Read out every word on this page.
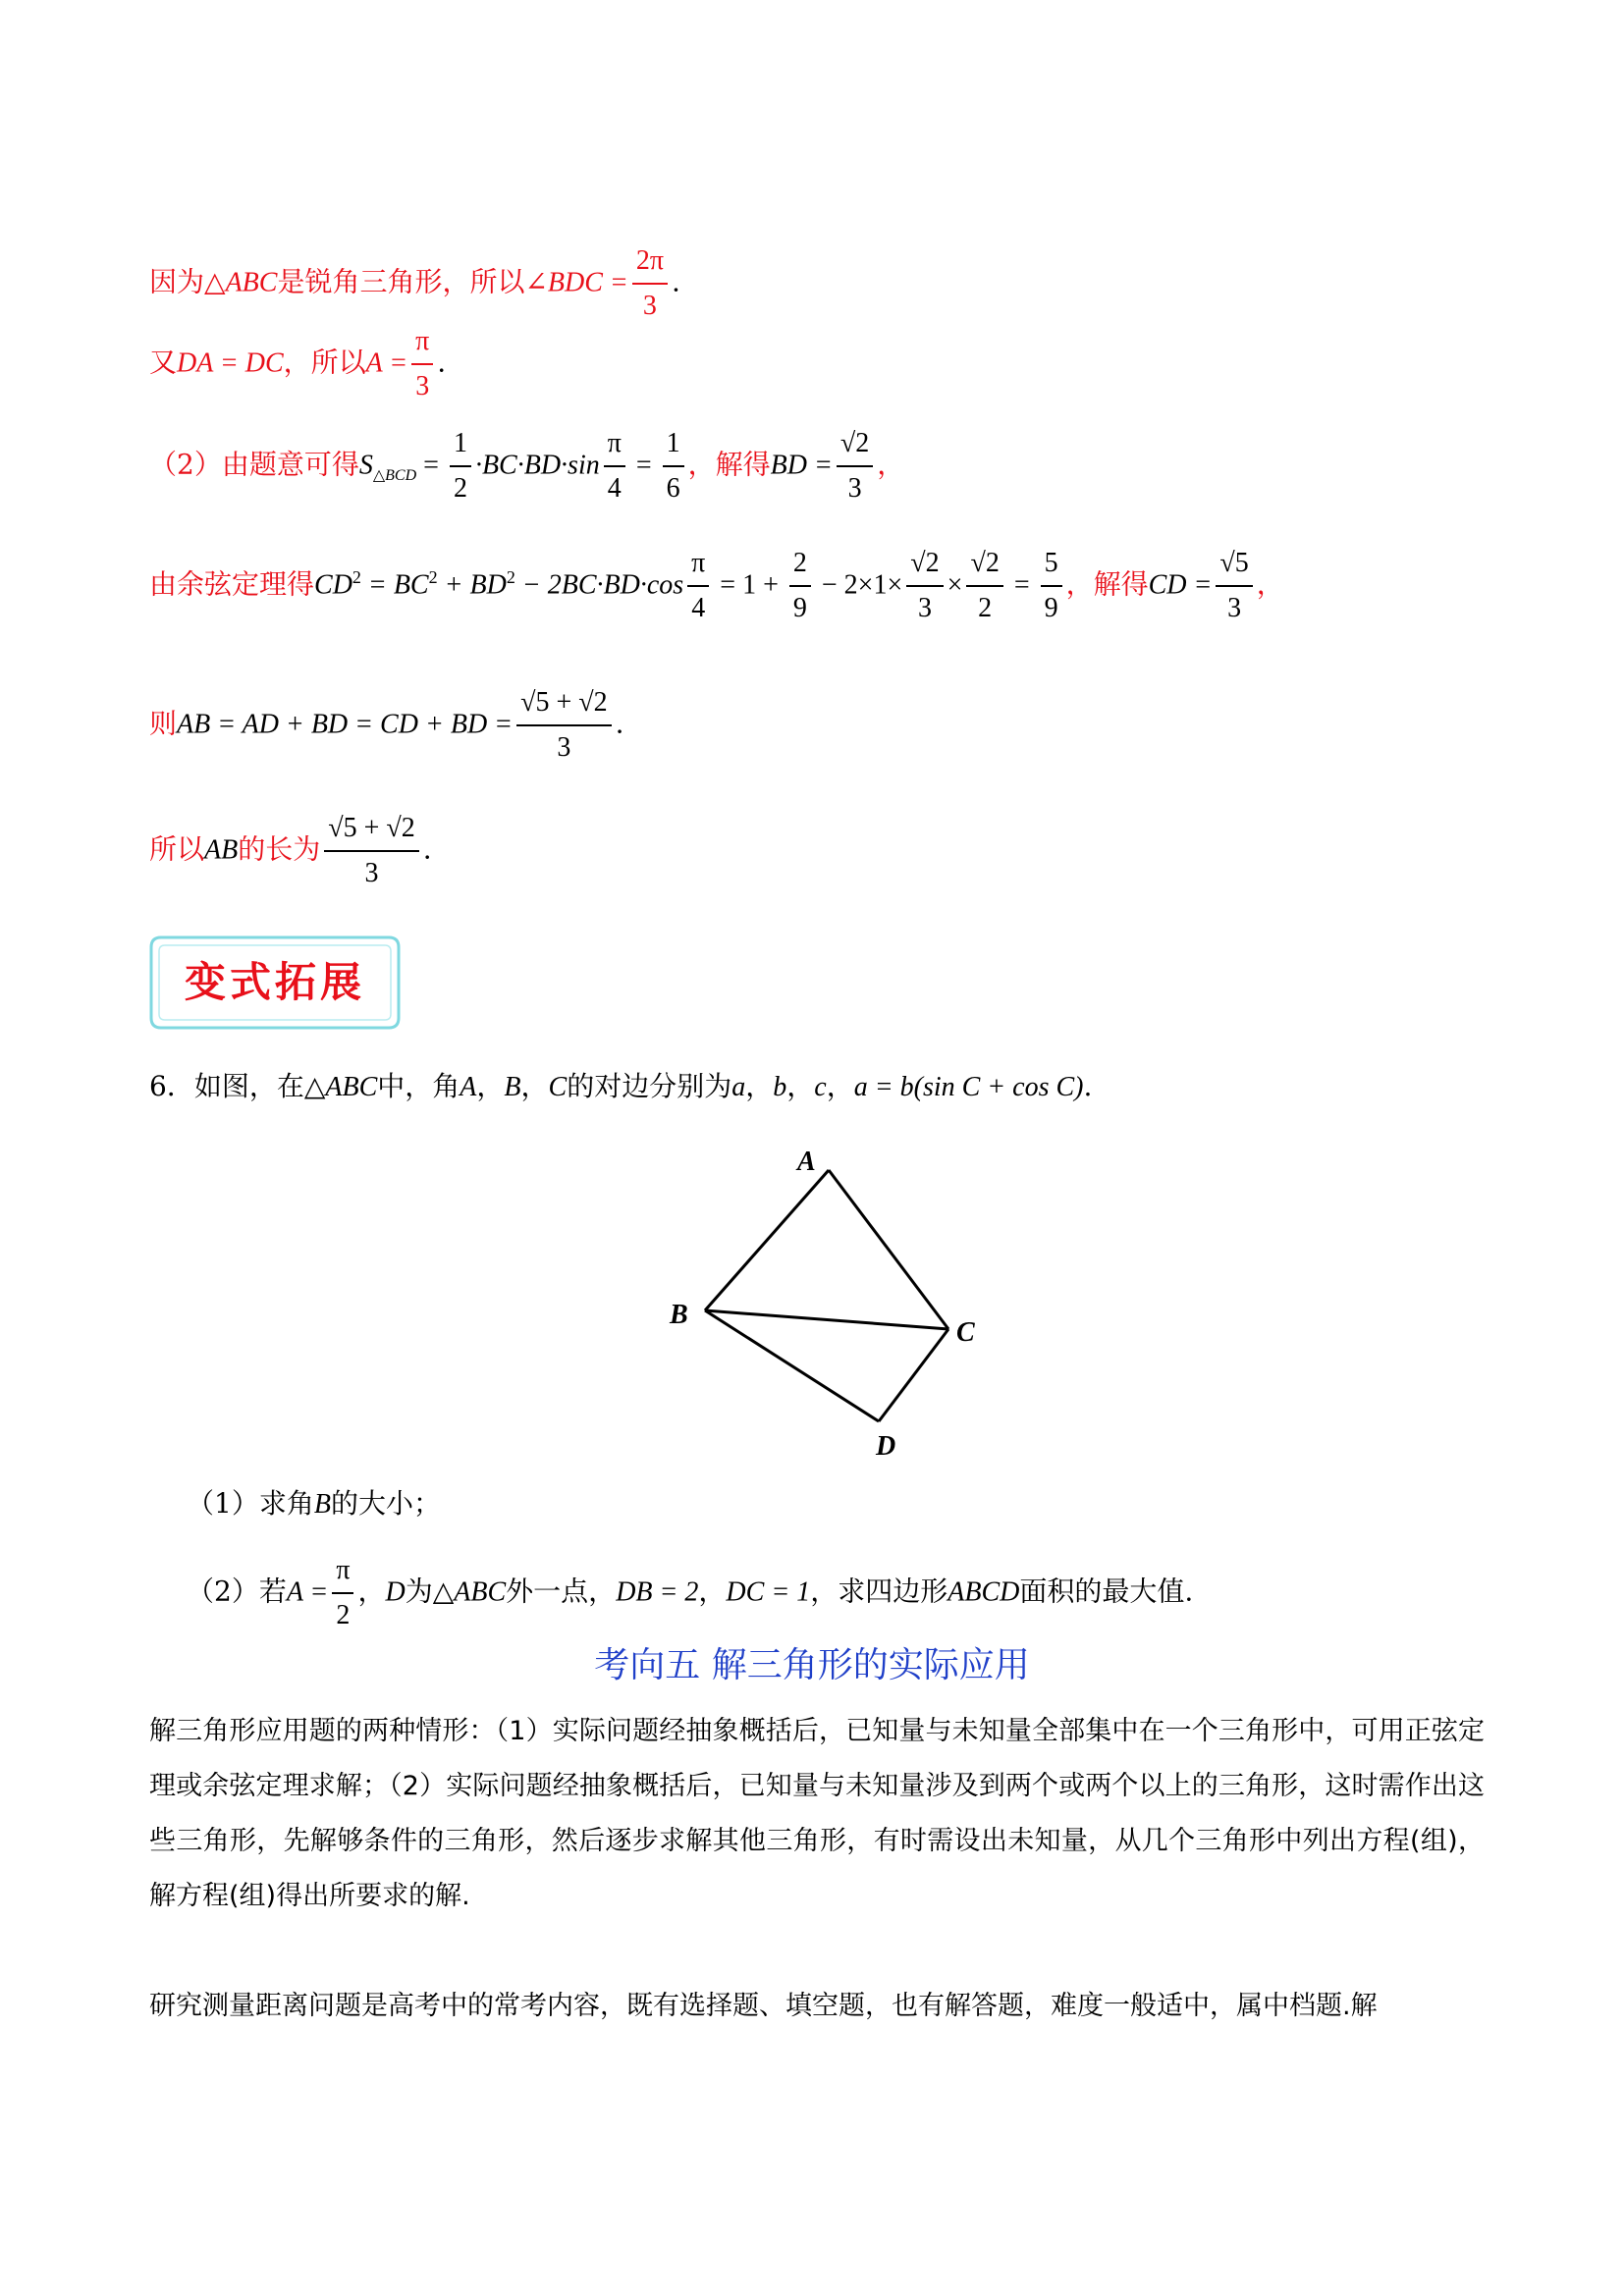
因为△ABC是锐角三角形，所以∠BDC = $\frac{2\pi}{3}$ .
又DA = DC，所以$A = \frac{\pi}{3}$ .
（2）由题意可得$S_{\triangle BCD} = \frac{1}{2} \cdot BC\cdot BD\cdot\sin \frac{\pi}{4} = \frac{1}{6}$ ，解得BD = $\frac{√2}{3}$ ，
由余弦定理得$CD^2 = BC^2 + BD^2 - 2BC\cdot BD\cdot\cos \frac{\pi}{4} = 1 + \frac{2}{9} - 2\times 1\times \frac{√2}{3} \times \frac{√2}{2} = \frac{5}{9}$ ，解得CD = $\frac{√5}{3}$ ，
则AB = AD + BD = CD + BD = $\frac{√5 + √2}{3}$ .
所以AB的长为 $\frac{√5 + √2}{3}$ .
变式拓展
6．如图，在△ABC中，角A，B，C的对边分别为a，b，c，a = b(sin C + cos C).
A
B
C
D
（1）求角B的大小；
（2）若$A = \frac{\pi}{2}$ ，D为△ABC外一点，DB = 2，DC = 1，求四边形ABCD面积的最大值.
考向五 解三角形的实际应用
解三角形应用题的两种情形：（1）实际问题经抽象概括后，已知量与未知量全部集中在一个三角形中，可用正弦定理或余弦定理求解；（2）实际问题经抽象概括后，已知量与未知量涉及到两个或两个以上的三角形，这时需作出这些三角形，先解够条件的三角形，然后逐步求解其他三角形，有时需设出未知量，从几个三角形中列出方程(组)，解方程(组)得出所要求的解.
研究测量距离问题是高考中的常考内容，既有选择题、填空题，也有解答题，难度一般适中，属中档题.解
